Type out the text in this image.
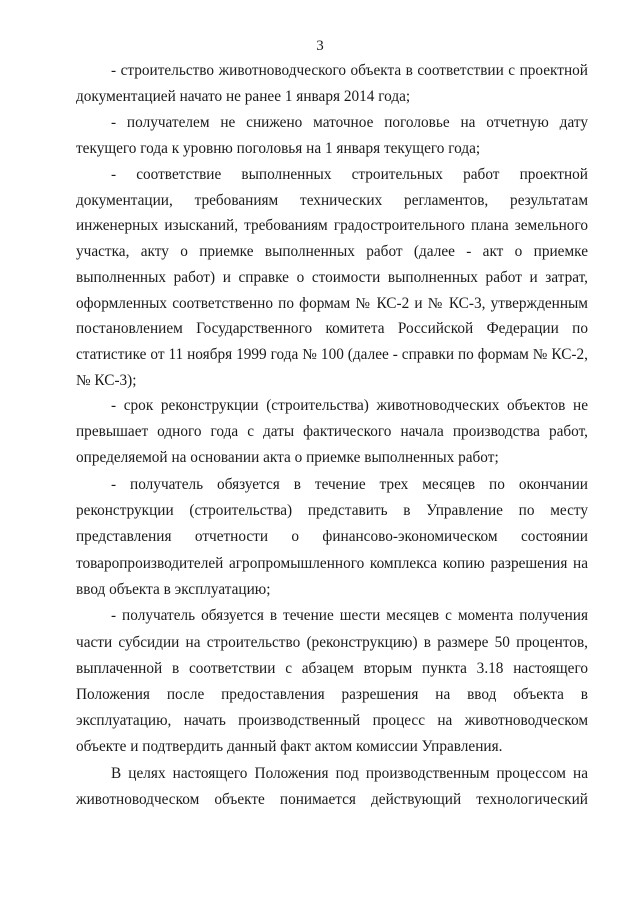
3
- строительство животноводческого объекта в соответствии с проектной
документацией начато не ранее 1 января 2014 года;
- получателем не снижено маточное поголовье на отчетную дату
текущего года к уровню поголовья на 1 января текущего года;
- соответствие выполненных строительных работ проектной
документации, требованиям технических регламентов, результатам
инженерных изысканий, требованиям градостроительного плана земельного
участка, акту о приемке выполненных работ (далее - акт о приемке
выполненных работ) и справке о стоимости выполненных работ и затрат,
оформленных соответственно по формам № КС-2 и № КС-3, утвержденным
постановлением Государственного комитета Российской Федерации по
статистике от 11 ноября 1999 года № 100 (далее - справки по формам № КС-2,
№ КС-3);
- срок реконструкции (строительства) животноводческих объектов не
превышает одного года с даты фактического начала производства работ,
определяемой на основании акта о приемке выполненных работ;
- получатель обязуется в течение трех месяцев по окончании
реконструкции (строительства) представить в Управление по месту
представления отчетности о финансово-экономическом состоянии
товаропроизводителей агропромышленного комплекса копию разрешения на
ввод объекта в эксплуатацию;
- получатель обязуется в течение шести месяцев с момента получения
части субсидии на строительство (реконструкцию) в размере 50 процентов,
выплаченной в соответствии с абзацем вторым пункта 3.18 настоящего
Положения после предоставления разрешения на ввод объекта в
эксплуатацию, начать производственный процесс на животноводческом
объекте и подтвердить данный факт актом комиссии Управления.
В целях настоящего Положения под производственным процессом на
животноводческом объекте понимается действующий технологический
